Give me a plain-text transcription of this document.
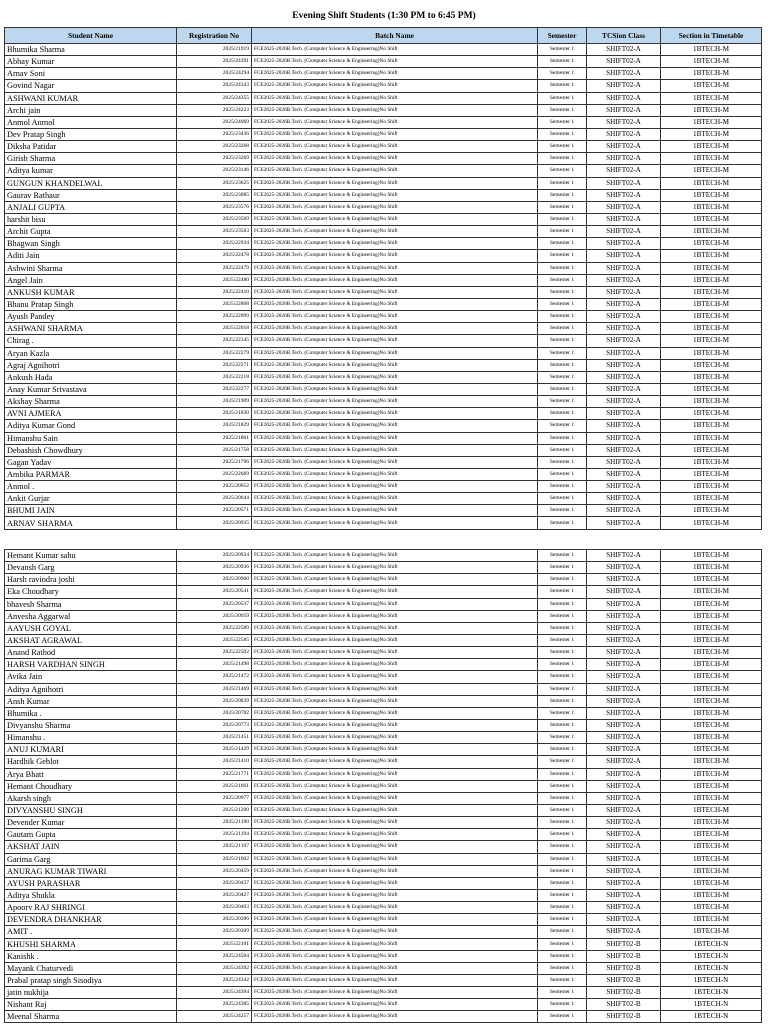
Evening Shift Students (1:30 PM to 6:45 PM)
Student Name	Registration No	Batch Name	Semester	TCSion Class	Section in Timetable
Bhumika Sharma	2025/21919	FCE2025-2026B.Tech. (Computer Science & Engineering)No Shift	Semester 1	SHIFT02-A	1BTECH-M
Abhay Kumar	2025/24391	FCE2025-2026B.Tech. (Computer Science & Engineering)No Shift	Semester 1	SHIFT02-A	1BTECH-M
Arnav Soni	2025/24294	FCE2025-2026B.Tech. (Computer Science & Engineering)No Shift	Semester 1	SHIFT02-A	1BTECH-M
Govind Nagar	2025/24343	FCE2025-2026B.Tech. (Computer Science & Engineering)No Shift	Semester 1	SHIFT02-A	1BTECH-M
ASHWANI KUMAR	2025/24255	FCE2025-2026B.Tech. (Computer Science & Engineering)No Shift	Semester 1	SHIFT02-A	1BTECH-M
Archi jain	2025/24223	FCE2025-2026B.Tech. (Computer Science & Engineering)No Shift	Semester 1	SHIFT02-A	1BTECH-M
Anmol Anmol	2025/24069	FCE2025-2026B.Tech. (Computer Science & Engineering)No Shift	Semester 1	SHIFT02-A	1BTECH-M
Dev Pratap Singh	2025/23436	FCE2025-2026B.Tech. (Computer Science & Engineering)No Shift	Semester 1	SHIFT02-A	1BTECH-M
Diksha Patidar	2025/23268	FCE2025-2026B.Tech. (Computer Science & Engineering)No Shift	Semester 1	SHIFT02-A	1BTECH-M
Girish Sharma	2025/23269	FCE2025-2026B.Tech. (Computer Science & Engineering)No Shift	Semester 1	SHIFT02-A	1BTECH-M
Aditya kumar	2025/23146	FCE2025-2026B.Tech. (Computer Science & Engineering)No Shift	Semester 1	SHIFT02-A	1BTECH-M
GUNGUN KHANDELWAL	2025/23625	FCE2025-2026B.Tech. (Computer Science & Engineering)No Shift	Semester 1	SHIFT02-A	1BTECH-M
Gaurav Rathaur	2025/23085	FCE2025-2026B.Tech. (Computer Science & Engineering)No Shift	Semester 1	SHIFT02-A	1BTECH-M
ANJALI GUPTA	2025/23576	FCE2025-2026B.Tech. (Computer Science & Engineering)No Shift	Semester 1	SHIFT02-A	1BTECH-M
harshit bisu	2025/23569	FCE2025-2026B.Tech. (Computer Science & Engineering)No Shift	Semester 1	SHIFT02-A	1BTECH-M
Archit Gupta	2025/23563	FCE2025-2026B.Tech. (Computer Science & Engineering)No Shift	Semester 1	SHIFT02-A	1BTECH-M
Bhagwan Singh	2025/22934	FCE2025-2026B.Tech. (Computer Science & Engineering)No Shift	Semester 1	SHIFT02-A	1BTECH-M
Aditi Jain	2025/22478	FCE2025-2026B.Tech. (Computer Science & Engineering)No Shift	Semester 1	SHIFT02-A	1BTECH-M
Ashwini Sharma	2025/22479	FCE2025-2026B.Tech. (Computer Science & Engineering)No Shift	Semester 1	SHIFT02-A	1BTECH-M
Angel Jain	2025/22480	FCE2025-2026B.Tech. (Computer Science & Engineering)No Shift	Semester 1	SHIFT02-A	1BTECH-M
ANKUSH KUMAR	2025/22410	FCE2025-2026B.Tech. (Computer Science & Engineering)No Shift	Semester 1	SHIFT02-A	1BTECH-M
Bhanu Pratap Singh	2025/22808	FCE2025-2026B.Tech. (Computer Science & Engineering)No Shift	Semester 1	SHIFT02-A	1BTECH-M
Ayush Pandey	2025/22099	FCE2025-2026B.Tech. (Computer Science & Engineering)No Shift	Semester 1	SHIFT02-A	1BTECH-M
ASHWANI SHARMA	2025/22018	FCE2025-2026B.Tech. (Computer Science & Engineering)No Shift	Semester 1	SHIFT02-A	1BTECH-M
Chirag .	2025/22345	FCE2025-2026B.Tech. (Computer Science & Engineering)No Shift	Semester 1	SHIFT02-A	1BTECH-M
Aryan Kazla	2025/22279	FCE2025-2026B.Tech. (Computer Science & Engineering)No Shift	Semester 1	SHIFT02-A	1BTECH-M
Agraj Agnihotri	2025/22271	FCE2025-2026B.Tech. (Computer Science & Engineering)No Shift	Semester 1	SHIFT02-A	1BTECH-M
Ankush Hada	2025/22218	FCE2025-2026B.Tech. (Computer Science & Engineering)No Shift	Semester 1	SHIFT02-A	1BTECH-M
Anay Kumar Srivastava	2025/22277	FCE2025-2026B.Tech. (Computer Science & Engineering)No Shift	Semester 1	SHIFT02-A	1BTECH-M
Akshay Sharma	2025/21909	FCE2025-2026B.Tech. (Computer Science & Engineering)No Shift	Semester 1	SHIFT02-A	1BTECH-M
AVNI AJMERA	2025/21830	FCE2025-2026B.Tech. (Computer Science & Engineering)No Shift	Semester 1	SHIFT02-A	1BTECH-M
Aditya Kumar Gond	2025/21829	FCE2025-2026B.Tech. (Computer Science & Engineering)No Shift	Semester 1	SHIFT02-A	1BTECH-M
Himanshu Sain	2025/21801	FCE2025-2026B.Tech. (Computer Science & Engineering)No Shift	Semester 1	SHIFT02-A	1BTECH-M
Debashish Chowdhury	2025/21758	FCE2025-2026B.Tech. (Computer Science & Engineering)No Shift	Semester 1	SHIFT02-A	1BTECH-M
Gagan Yadav	2025/21796	FCE2025-2026B.Tech. (Computer Science & Engineering)No Shift	Semester 1	SHIFT02-A	1BTECH-M
Ambika PARMAR	2025/22669	FCE2025-2026B.Tech. (Computer Science & Engineering)No Shift	Semester 1	SHIFT02-A	1BTECH-M
Anmol .	2025/20652	FCE2025-2026B.Tech. (Computer Science & Engineering)No Shift	Semester 1	SHIFT02-A	1BTECH-M
Ankit Gurjar	2025/20644	FCE2025-2026B.Tech. (Computer Science & Engineering)No Shift	Semester 1	SHIFT02-A	1BTECH-M
BHUMI JAIN	2025/20571	FCE2025-2026B.Tech. (Computer Science & Engineering)No Shift	Semester 1	SHIFT02-A	1BTECH-M
ARNAV SHARMA	2025/20935	FCE2025-2026B.Tech. (Computer Science & Engineering)No Shift	Semester 1	SHIFT02-A	1BTECH-M
Hemant Kumar sahu	2025/20934	FCE2025-2026B.Tech. (Computer Science & Engineering)No Shift	Semester 1	SHIFT02-A	1BTECH-M
Devansh Garg	2025/20936	FCE2025-2026B.Tech. (Computer Science & Engineering)No Shift	Semester 1	SHIFT02-A	1BTECH-M
Harsh ravindra joshi	2025/20960	FCE2025-2026B.Tech. (Computer Science & Engineering)No Shift	Semester 1	SHIFT02-A	1BTECH-M
Eka Choudhary	2025/20541	FCE2025-2026B.Tech. (Computer Science & Engineering)No Shift	Semester 1	SHIFT02-A	1BTECH-M
bhavesh Sharma	2025/20537	FCE2025-2026B.Tech. (Computer Science & Engineering)No Shift	Semester 1	SHIFT02-A	1BTECH-M
Anvesha Aggarwal	2025/20959	FCE2025-2026B.Tech. (Computer Science & Engineering)No Shift	Semester 1	SHIFT02-A	1BTECH-M
AAYUSH GOYAL	2025/22589	FCE2025-2026B.Tech. (Computer Science & Engineering)No Shift	Semester 1	SHIFT02-A	1BTECH-M
AKSHAT AGRAWAL	2025/22585	FCE2025-2026B.Tech. (Computer Science & Engineering)No Shift	Semester 1	SHIFT02-A	1BTECH-M
Anand Rathod	2025/22502	FCE2025-2026B.Tech. (Computer Science & Engineering)No Shift	Semester 1	SHIFT02-A	1BTECH-M
HARSH VARDHAN SINGH	2025/21498	FCE2025-2026B.Tech. (Computer Science & Engineering)No Shift	Semester 1	SHIFT02-A	1BTECH-M
Avika Jain	2025/21472	FCE2025-2026B.Tech. (Computer Science & Engineering)No Shift	Semester 1	SHIFT02-A	1BTECH-M
Aditya Agnihotri	2025/21469	FCE2025-2026B.Tech. (Computer Science & Engineering)No Shift	Semester 1	SHIFT02-A	1BTECH-M
Ansh Kumar	2025/20839	FCE2025-2026B.Tech. (Computer Science & Engineering)No Shift	Semester 1	SHIFT02-A	1BTECH-M
Bhumika .	2025/20782	FCE2025-2026B.Tech. (Computer Science & Engineering)No Shift	Semester 1	SHIFT02-A	1BTECH-M
Divyanshu Sharma	2025/20773	FCE2025-2026B.Tech. (Computer Science & Engineering)No Shift	Semester 1	SHIFT02-A	1BTECH-M
Himanshu .	2025/21451	FCE2025-2026B.Tech. (Computer Science & Engineering)No Shift	Semester 1	SHIFT02-A	1BTECH-M
ANUJ KUMARI	2025/21429	FCE2025-2026B.Tech. (Computer Science & Engineering)No Shift	Semester 1	SHIFT02-A	1BTECH-M
Hardhik Gehlot	2025/21410	FCE2025-2026B.Tech. (Computer Science & Engineering)No Shift	Semester 1	SHIFT02-A	1BTECH-M
Arya Bhatt	2025/21771	FCE2025-2026B.Tech. (Computer Science & Engineering)No Shift	Semester 1	SHIFT02-A	1BTECH-M
Hemant Choudhary	2025/21661	FCE2025-2026B.Tech. (Computer Science & Engineering)No Shift	Semester 1	SHIFT02-A	1BTECH-M
Akarsh singh	2025/20977	FCE2025-2026B.Tech. (Computer Science & Engineering)No Shift	Semester 1	SHIFT02-A	1BTECH-M
DIVYANSHU SINGH	2025/21200	FCE2025-2026B.Tech. (Computer Science & Engineering)No Shift	Semester 1	SHIFT02-A	1BTECH-M
Devender Kumar	2025/21190	FCE2025-2026B.Tech. (Computer Science & Engineering)No Shift	Semester 1	SHIFT02-A	1BTECH-M
Gautam Gupta	2025/21194	FCE2025-2026B.Tech. (Computer Science & Engineering)No Shift	Semester 1	SHIFT02-A	1BTECH-M
AKSHAT JAIN	2025/21107	FCE2025-2026B.Tech. (Computer Science & Engineering)No Shift	Semester 1	SHIFT02-A	1BTECH-M
Garima Garg	2025/21002	FCE2025-2026B.Tech. (Computer Science & Engineering)No Shift	Semester 1	SHIFT02-A	1BTECH-M
ANURAG KUMAR TIWARI	2025/20459	FCE2025-2026B.Tech. (Computer Science & Engineering)No Shift	Semester 1	SHIFT02-A	1BTECH-M
AYUSH PARASHAR	2025/20437	FCE2025-2026B.Tech. (Computer Science & Engineering)No Shift	Semester 1	SHIFT02-A	1BTECH-M
Aditya Shukla	2025/20427	FCE2025-2026B.Tech. (Computer Science & Engineering)No Shift	Semester 1	SHIFT02-A	1BTECH-M
Apoorv RAJ SHRINGI	2025/20403	FCE2025-2026B.Tech. (Computer Science & Engineering)No Shift	Semester 1	SHIFT02-A	1BTECH-M
DEVENDRA DHANKHAR	2025/20396	FCE2025-2026B.Tech. (Computer Science & Engineering)No Shift	Semester 1	SHIFT02-A	1BTECH-M
AMIT .	2025/20309	FCE2025-2026B.Tech. (Computer Science & Engineering)No Shift	Semester 1	SHIFT02-A	1BTECH-M
KHUSHI SHARMA	2025/22101	FCE2025-2026B.Tech. (Computer Science & Engineering)No Shift	Semester 1	SHIFT02-B	1BTECH-N
Kanishk .	2025/24504	FCE2025-2026B.Tech. (Computer Science & Engineering)No Shift	Semester 1	SHIFT02-B	1BTECH-N
Mayank Chaturvedi	2025/24392	FCE2025-2026B.Tech. (Computer Science & Engineering)No Shift	Semester 1	SHIFT02-B	1BTECH-N
Prabal pratap singh Sisodiya	2025/24342	FCE2025-2026B.Tech. (Computer Science & Engineering)No Shift	Semester 1	SHIFT02-B	1BTECH-N
jatin nukhija	2025/24394	FCE2025-2026B.Tech. (Computer Science & Engineering)No Shift	Semester 1	SHIFT02-B	1BTECH-N
Nishant Raj	2025/24385	FCE2025-2026B.Tech. (Computer Science & Engineering)No Shift	Semester 1	SHIFT02-B	1BTECH-N
Meenal Sharma	2025/24257	FCE2025-2026B.Tech. (Computer Science & Engineering)No Shift	Semester 1	SHIFT02-B	1BTECH-N
